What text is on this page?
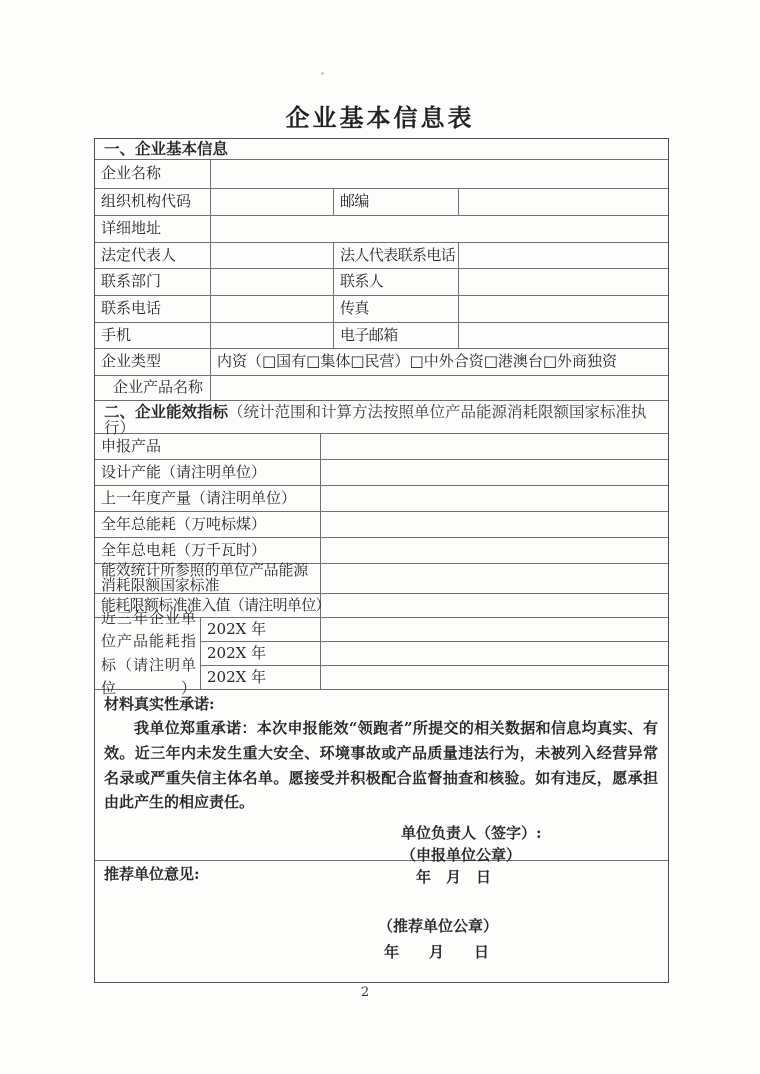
企业基本信息表
一、企业基本信息
企业名称
组织机构代码	邮编
详细地址
法定代表人	法人代表联系电话
联系部门	联系人
联系电话	传真
手机	电子邮箱
企业类型	内资（□国有□集体□民营）□中外合资□港澳台□外商独资
企业产品名称
二、企业能效指标（统计范围和计算方法按照单位产品能源消耗限额国家标准执行）
申报产品
设计产能（请注明单位）
上一年度产量（请注明单位）
全年总能耗（万吨标煤）
全年总电耗（万千瓦时）
能效统计所参照的单位产品能源消耗限额国家标准
能耗限额标准准入值（请注明单位）
近三年企业单位产品能耗指标（请注明单位）
202X 年
202X 年
202X 年
材料真实性承诺:
我单位郑重承诺：本次申报能效“领跑者”所提交的相关数据和信息均真实、有效。近三年内未发生重大安全、环境事故或产品质量违法行为，未被列入经营异常名录或严重失信主体名单。愿接受并积极配合监督抽查和核验。如有违反，愿承担由此产生的相应责任。
单位负责人（签字）:
（申报单位公章）
年　月　日
推荐单位意见:
（推荐单位公章）
年　　月　　日
2
